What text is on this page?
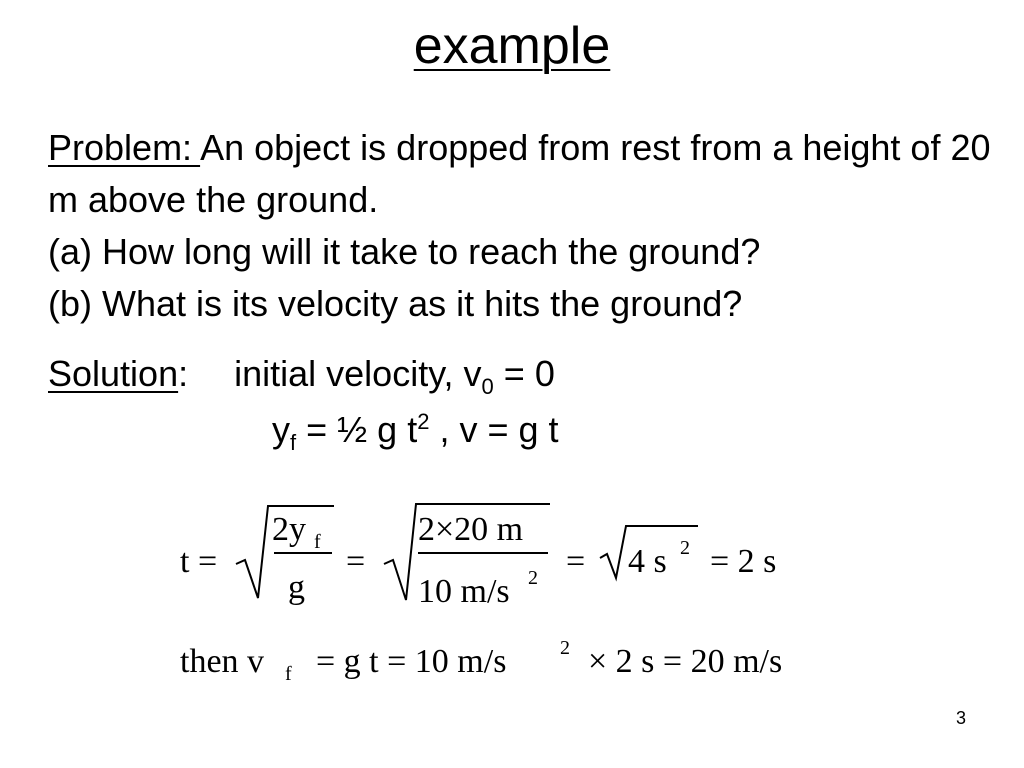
example
Problem: An object is dropped from rest from a height of 20 m above the ground.
(a) How long will it take to reach the ground?
(b) What is its velocity as it hits the ground?
Solution: initial velocity, $v_0 = 0$
$y_f$ = ½ g $t^2$ , v = g t
t =
2y f
g
=
2×20 m
10 m/s 2 = 4 s 2 = 2 s
then v f = g t = 10 m/s	2 × 2 s = 20 m/s
3
